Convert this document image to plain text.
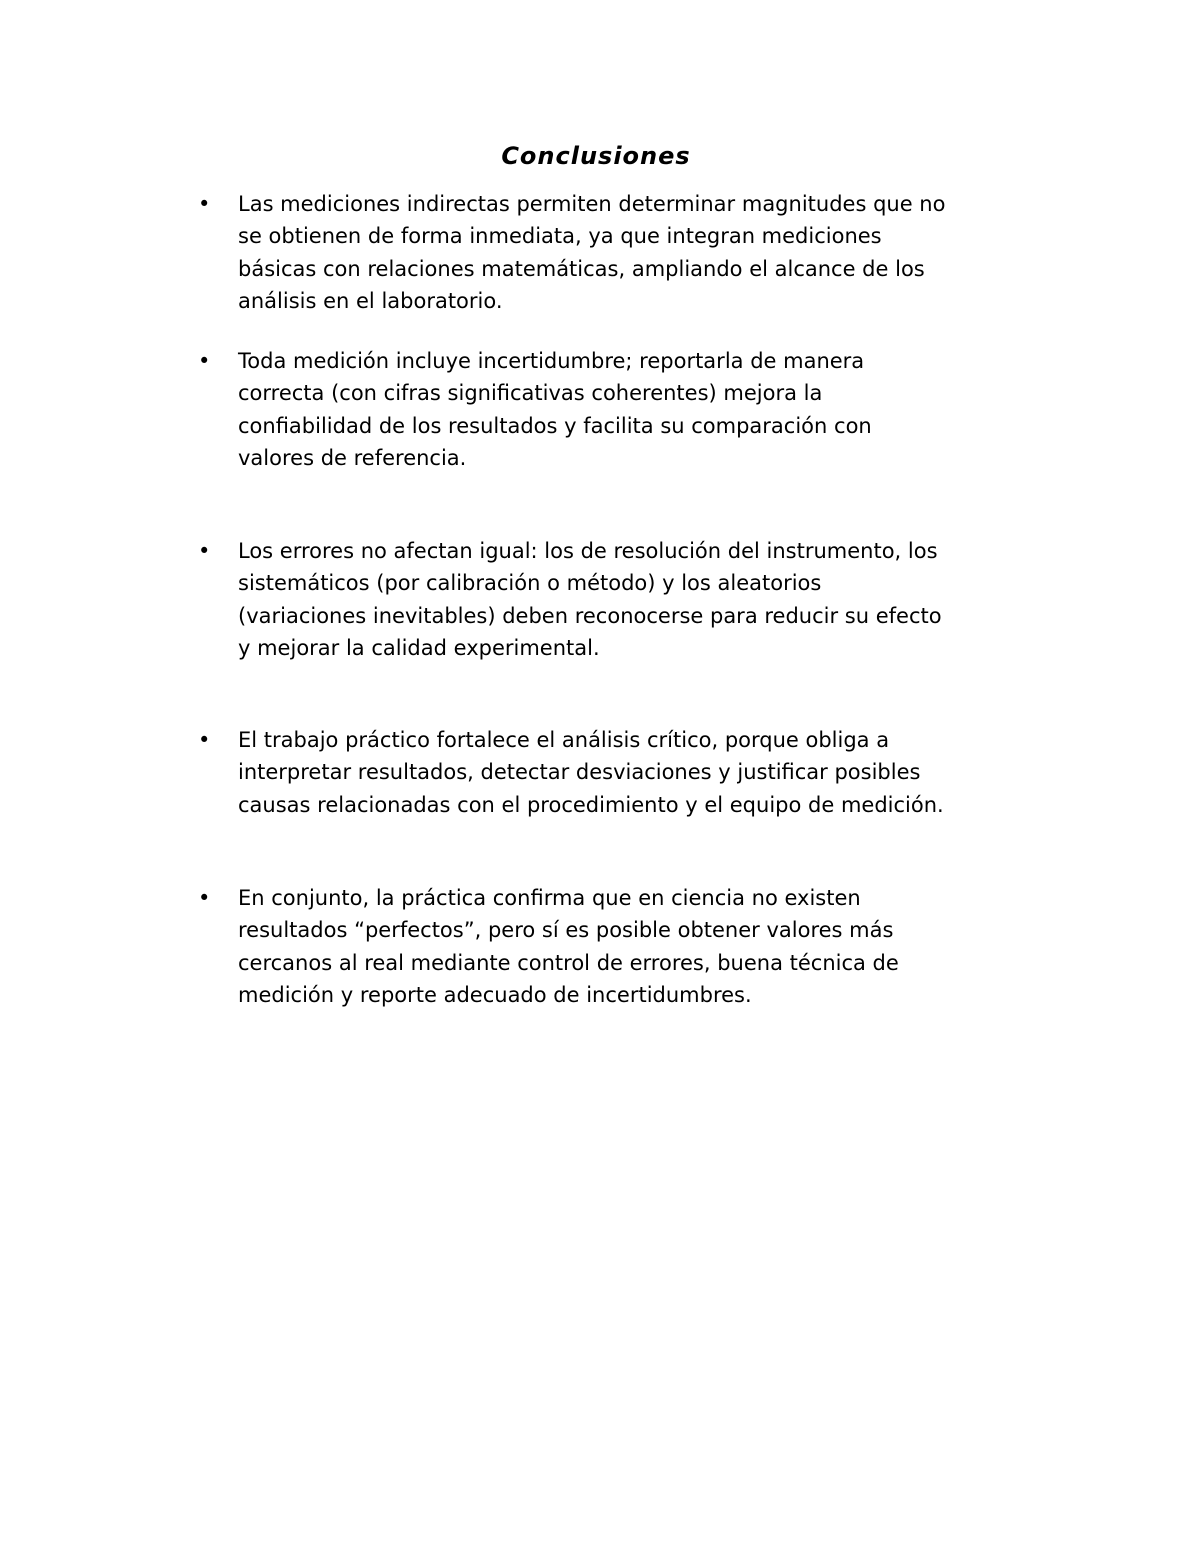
Conclusiones
•	Las mediciones indirectas permiten determinar magnitudes que no
se obtienen de forma inmediata, ya que integran mediciones
básicas con relaciones matemáticas, ampliando el alcance de los
análisis en el laboratorio.
•	Toda medición incluye incertidumbre; reportarla de manera
correcta (con cifras significativas coherentes) mejora la
confiabilidad de los resultados y facilita su comparación con
valores de referencia.
•	Los errores no afectan igual: los de resolución del instrumento, los
sistemáticos (por calibración o método) y los aleatorios
(variaciones inevitables) deben reconocerse para reducir su efecto
y mejorar la calidad experimental.
•	El trabajo práctico fortalece el análisis crítico, porque obliga a
interpretar resultados, detectar desviaciones y justificar posibles
causas relacionadas con el procedimiento y el equipo de medición.
•	En conjunto, la práctica confirma que en ciencia no existen
resultados “perfectos”, pero sí es posible obtener valores más
cercanos al real mediante control de errores, buena técnica de
medición y reporte adecuado de incertidumbres.
